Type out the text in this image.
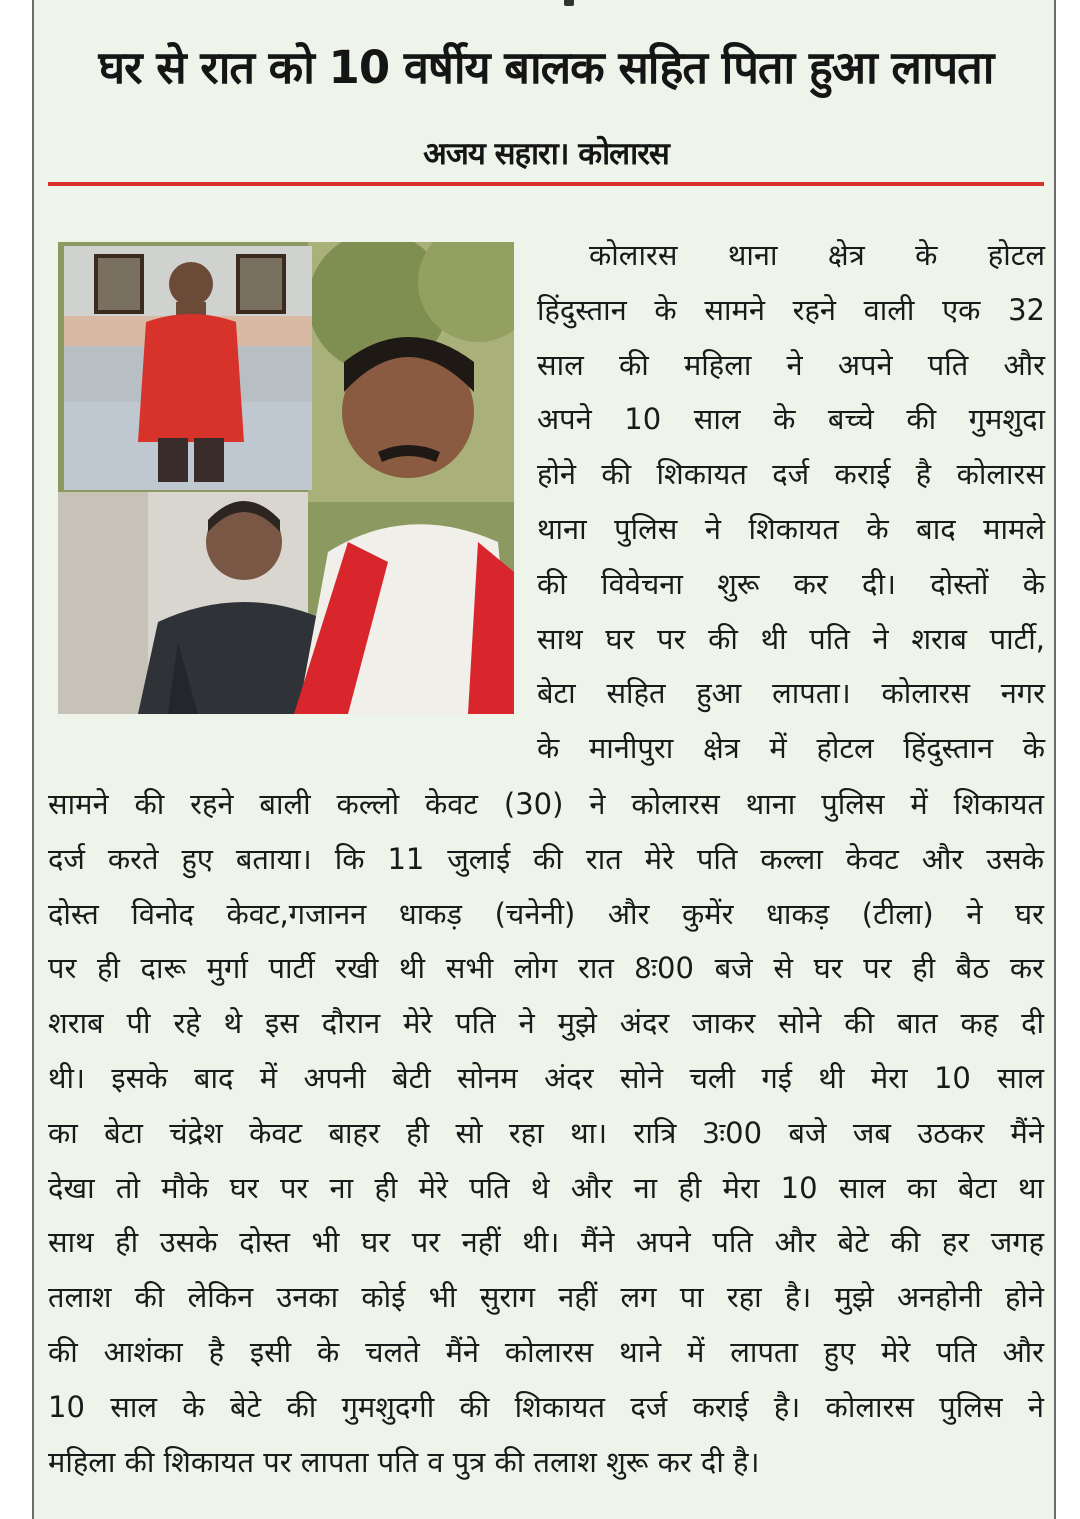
घर से रात को 10 वर्षीय बालक सहित पिता हुआ लापता
अजय सहारा। कोलारस
कोलारस थाना क्षेत्र के होटल
हिंदुस्तान के सामने रहने वाली एक 32
साल की महिला ने अपने पति और
अपने 10 साल के बच्चे की गुमशुदा
होने की शिकायत दर्ज कराई है कोलारस
थाना पुलिस ने शिकायत के बाद मामले
की विवेचना शुरू कर दी। दोस्तों के
साथ घर पर की थी पति ने शराब पार्टी,
बेटा सहित हुआ लापता। कोलारस नगर
के मानीपुरा क्षेत्र में होटल हिंदुस्तान के
सामने की रहने बाली कल्लो केवट (30) ने कोलारस थाना पुलिस में शिकायत
दर्ज करते हुए बताया। कि 11 जुलाई की रात मेरे पति कल्ला केवट और उसके
दोस्त विनोद केवट,गजानन धाकड़ (चनेनी) और कुमेंर धाकड़ (टीला) ने घर
पर ही दारू मुर्गा पार्टी रखी थी सभी लोग रात 8ः00 बजे से घर पर ही बैठ कर
शराब पी रहे थे इस दौरान मेरे पति ने मुझे अंदर जाकर सोने की बात कह दी
थी। इसके बाद में अपनी बेटी सोनम अंदर सोने चली गई थी मेरा 10 साल
का बेटा चंद्रेश केवट बाहर ही सो रहा था। रात्रि 3ः00 बजे जब उठकर मैंने
देखा तो मौके घर पर ना ही मेरे पति थे और ना ही मेरा 10 साल का बेटा था
साथ ही उसके दोस्त भी घर पर नहीं थी। मैंने अपने पति और बेटे की हर जगह
तलाश की लेकिन उनका कोई भी सुराग नहीं लग पा रहा है। मुझे अनहोनी होने
की आशंका है इसी के चलते मैंने कोलारस थाने में लापता हुए मेरे पति और
10 साल के बेटे की गुमशुदगी की शिकायत दर्ज कराई है। कोलारस पुलिस ने
महिला की शिकायत पर लापता पति व पुत्र की तलाश शुरू कर दी है।
